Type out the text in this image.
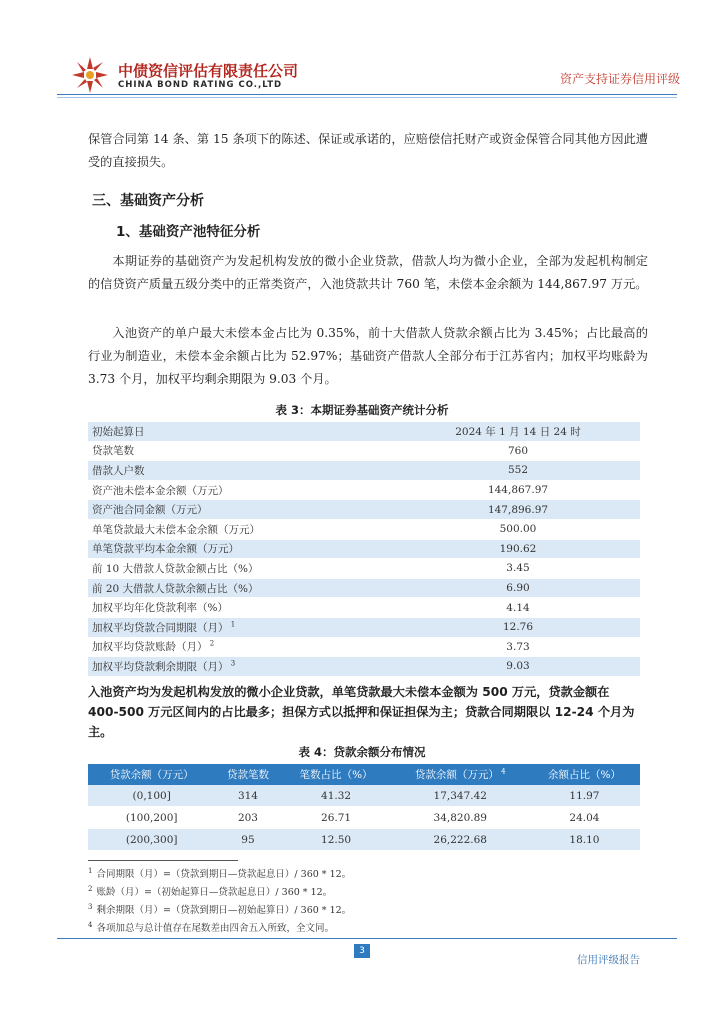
中债资信评估有限责任公司
CHINA BOND RATING CO.,LTD	资产支持证券信用评级
保管合同第 14 条、第 15 条项下的陈述、保证或承诺的，应赔偿信托财产或资金保管合同其他方因此遭受的直接损失。
三、基础资产分析
1、基础资产池特征分析
本期证券的基础资产为发起机构发放的微小企业贷款，借款人均为微小企业，全部为发起机构制定的信贷资产质量五级分类中的正常类资产，入池贷款共计 760 笔，未偿本金余额为 144,867.97 万元。
入池资产的单户最大未偿本金占比为 0.35%，前十大借款人贷款余额占比为 3.45%；占比最高的行业为制造业，未偿本金余额占比为 52.97%；基础资产借款人全部分布于江苏省内；加权平均账龄为 3.73 个月，加权平均剩余期限为 9.03 个月。
表 3：本期证券基础资产统计分析
初始起算日	2024 年 1 月 14 日 24 时
贷款笔数	760
借款人户数	552
资产池未偿本金余额（万元）	144,867.97
资产池合同金额（万元）	147,896.97
单笔贷款最大未偿本金余额（万元）	500.00
单笔贷款平均本金余额（万元）	190.62
前 10 大借款人贷款金额占比（%）	3.45
前 20 大借款人贷款余额占比（%）	6.90
加权平均年化贷款利率（%）	4.14
加权平均贷款合同期限（月） $^1$	12.76
加权平均贷款账龄（月） $^2$	3.73
加权平均贷款剩余期限（月） $^3$	9.03
入池资产均为发起机构发放的微小企业贷款，单笔贷款最大未偿本金额为 500 万元，贷款金额在 400-500 万元区间内的占比最多；担保方式以抵押和保证担保为主；贷款合同期限以 12-24 个月为主。
表 4：贷款余额分布情况
贷款余额（万元）	贷款笔数	笔数占比（%）	贷款余额（万元） $^4$	余额占比（%）
(0,100]	314	41.32	17,347.42	11.97
(100,200]	203	26.71	34,820.89	24.04
(200,300]	95	12.50	26,222.68	18.10
$^1$ 合同期限（月）=（贷款到期日—贷款起息日）/ 360 * 12。
$^2$ 账龄（月）=（初始起算日—贷款起息日）/ 360 * 12。
$^3$ 剩余期限（月）=（贷款到期日—初始起算日）/ 360 * 12。
$^4$ 各项加总与总计值存在尾数差由四舍五入所致，全文同。
3
信用评级报告
